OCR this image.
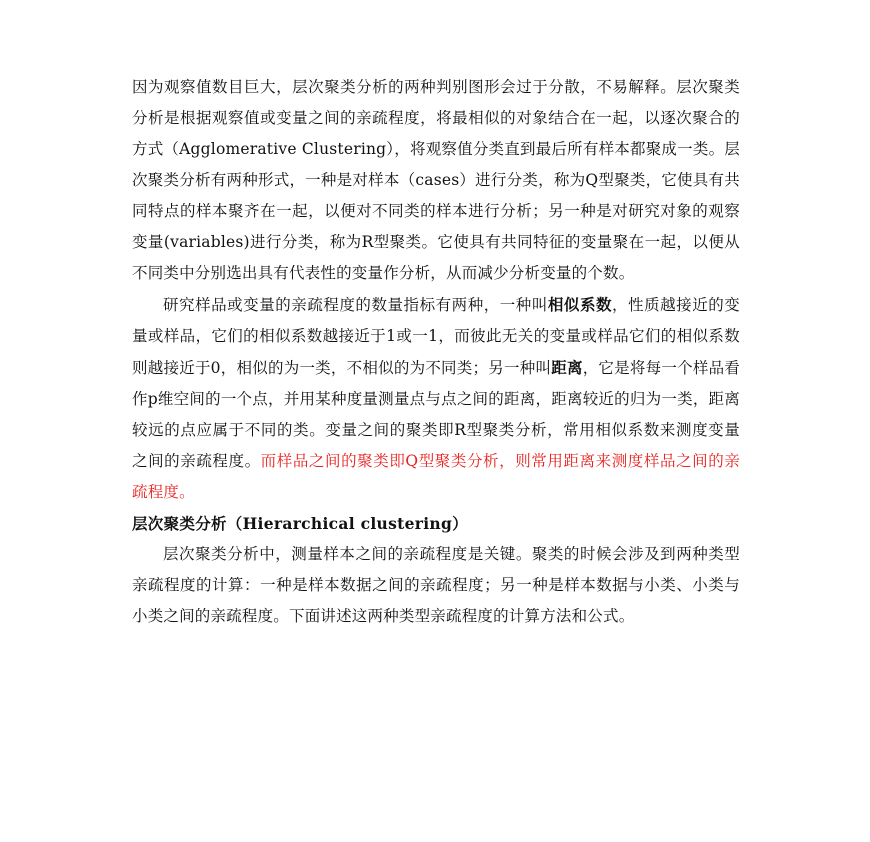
因为观察值数目巨大，层次聚类分析的两种判别图形会过于分散，不易解释。层次聚类分析是根据观察值或变量之间的亲疏程度，将最相似的对象结合在一起，以逐次聚合的方式（Agglomerative Clustering），将观察值分类直到最后所有样本都聚成一类。层次聚类分析有两种形式，一种是对样本（cases）进行分类，称为Q型聚类，它使具有共同特点的样本聚齐在一起，以便对不同类的样本进行分析；另一种是对研究对象的观察变量(variables)进行分类，称为R型聚类。它使具有共同特征的变量聚在一起，以便从不同类中分别选出具有代表性的变量作分析，从而减少分析变量的个数。

研究样品或变量的亲疏程度的数量指标有两种，一种叫相似系数，性质越接近的变量或样品，它们的相似系数越接近于1或一1，而彼此无关的变量或样品它们的相似系数则越接近于0，相似的为一类，不相似的为不同类；另一种叫距离，它是将每一个样品看作p维空间的一个点，并用某种度量测量点与点之间的距离，距离较近的归为一类，距离较远的点应属于不同的类。变量之间的聚类即R型聚类分析，常用相似系数来测度变量之间的亲疏程度。而样品之间的聚类即Q型聚类分析，则常用距离来测度样品之间的亲疏程度。

层次聚类分析（Hierarchical clustering）

层次聚类分析中，测量样本之间的亲疏程度是关键。聚类的时候会涉及到两种类型亲疏程度的计算：一种是样本数据之间的亲疏程度；另一种是样本数据与小类、小类与小类之间的亲疏程度。下面讲述这两种类型亲疏程度的计算方法和公式。
